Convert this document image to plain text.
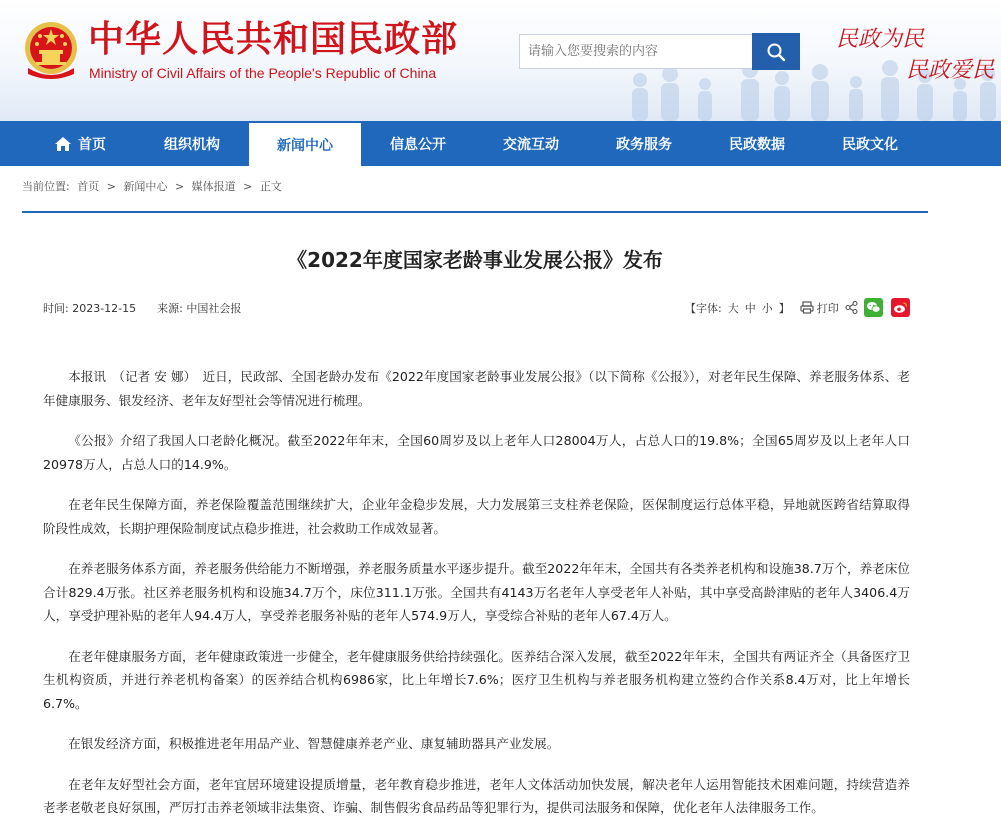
中华人民共和国民政部
Ministry of Civil Affairs of the People's Republic of China
请输入您要搜索的内容
民政为民
民政爱民
首页	组织机构	新闻中心	信息公开	交流互动	政务服务	民政数据	民政文化
当前位置: 首页 > 新闻中心 > 媒体报道 > 正文
《2022年度国家老龄事业发展公报》发布
时间: 2023-12-15 来源: 中国社会报	【字体: 大 中 小 】 打印

本报讯　（记者 安 娜）　近日，民政部、全国老龄办发布《2022年度国家老龄事业发展公报》（以下简称《公报》），对老年民生保障、养老服务体系、老年健康服务、银发经济、老年友好型社会等情况进行梳理。

《公报》介绍了我国人口老龄化概况。截至2022年年末，全国60周岁及以上老年人口28004万人，占总人口的19.8%；全国65周岁及以上老年人口20978万人，占总人口的14.9%。

在老年民生保障方面，养老保险覆盖范围继续扩大，企业年金稳步发展，大力发展第三支柱养老保险，医保制度运行总体平稳，异地就医跨省结算取得阶段性成效，长期护理保险制度试点稳步推进，社会救助工作成效显著。

在养老服务体系方面，养老服务供给能力不断增强，养老服务质量水平逐步提升。截至2022年年末，全国共有各类养老机构和设施38.7万个，养老床位合计829.4万张。社区养老服务机构和设施34.7万个，床位311.1万张。全国共有4143万名老年人享受老年人补贴，其中享受高龄津贴的老年人3406.4万人，享受护理补贴的老年人94.4万人，享受养老服务补贴的老年人574.9万人，享受综合补贴的老年人67.4万人。

在老年健康服务方面，老年健康政策进一步健全，老年健康服务供给持续强化。医养结合深入发展，截至2022年年末，全国共有两证齐全（具备医疗卫生机构资质，并进行养老机构备案）的医养结合机构6986家，比上年增长7.6%；医疗卫生机构与养老服务机构建立签约合作关系8.4万对，比上年增长6.7%。

在银发经济方面，积极推进老年用品产业、智慧健康养老产业、康复辅助器具产业发展。

在老年友好型社会方面，老年宜居环境建设提质增量，老年教育稳步推进，老年人文体活动加快发展，解决老年人运用智能技术困难问题，持续营造养老孝老敬老良好氛围，严厉打击养老领域非法集资、诈骗、制售假劣食品药品等犯罪行为，提供司法服务和保障，优化老年人法律服务工作。
